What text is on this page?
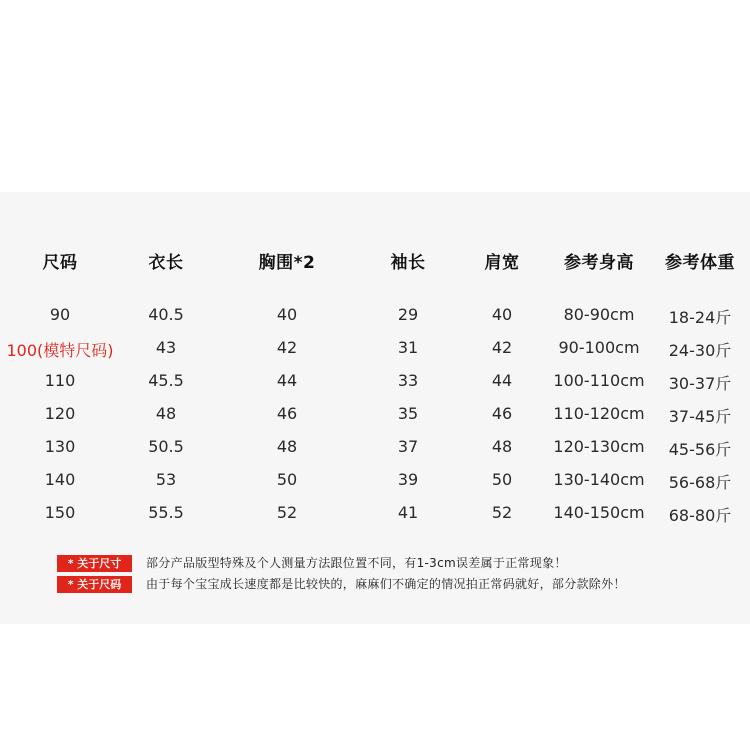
尺码	衣长	胸围*2	袖长	肩宽	参考身高 参考体重
90	40.5	40	29	40	80-90cm 18-24斤
100(模特尺码)	43	42	31	42	90-100cm 24-30斤
110	45.5	44	33	44	100-110cm 30-37斤
120	48	46	35	46	110-120cm 37-45斤
130	50.5	48	37	48	120-130cm 45-56斤
140	53	50	39	50	130-140cm 56-68斤
150	55.5	52	41	52	140-150cm 68-80斤
* 关于尺寸	部分产品版型特殊及个人测量方法跟位置不同，有1-3cm误差属于正常现象！
* 关于尺码	由于每个宝宝成长速度都是比较快的，麻麻们不确定的情况拍正常码就好，部分款除外！
